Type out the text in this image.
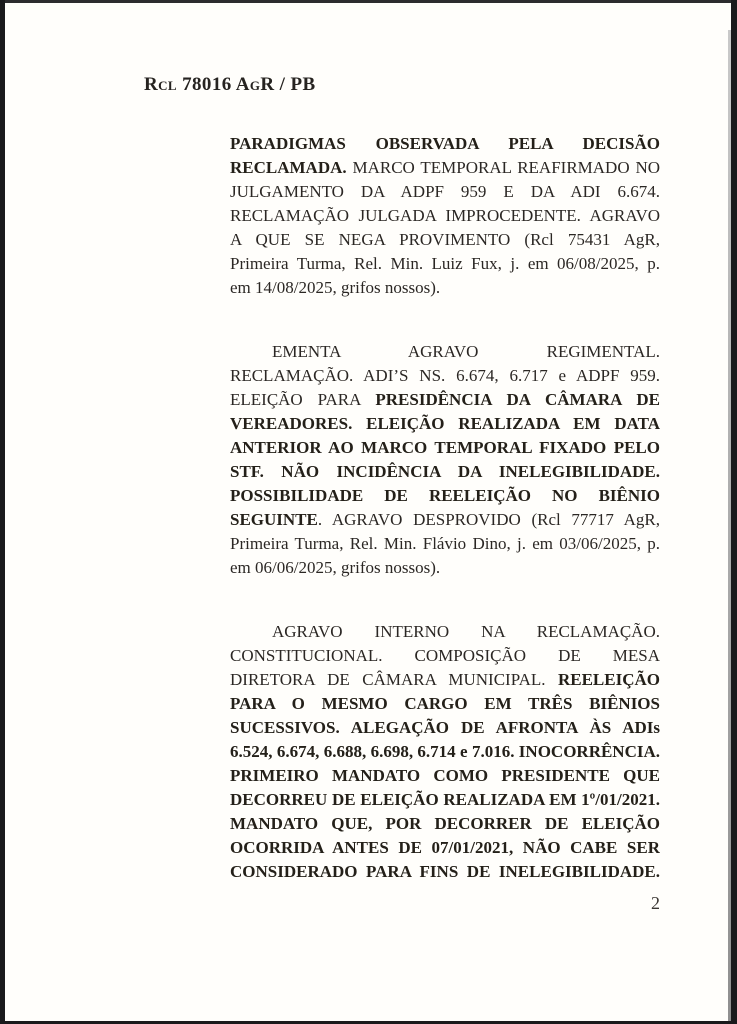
Rcl 78016 AgR / PB
PARADIGMAS OBSERVADA PELA DECISÃO
RECLAMADA. MARCO TEMPORAL REAFIRMADO NO
JULGAMENTO DA ADPF 959 E DA ADI 6.674.
RECLAMAÇÃO JULGADA IMPROCEDENTE. AGRAVO
A QUE SE NEGA PROVIMENTO (Rcl 75431 AgR,
Primeira Turma, Rel. Min. Luiz Fux, j. em 06/08/2025, p.
em 14/08/2025, grifos nossos).
EMENTA AGRAVO REGIMENTAL.
RECLAMAÇÃO. ADI’S NS. 6.674, 6.717 e ADPF 959.
ELEIÇÃO PARA PRESIDÊNCIA DA CÂMARA DE
VEREADORES. ELEIÇÃO REALIZADA EM DATA
ANTERIOR AO MARCO TEMPORAL FIXADO PELO
STF. NÃO INCIDÊNCIA DA INELEGIBILIDADE.
POSSIBILIDADE DE REELEIÇÃO NO BIÊNIO
SEGUINTE. AGRAVO DESPROVIDO (Rcl 77717 AgR,
Primeira Turma, Rel. Min. Flávio Dino, j. em 03/06/2025, p.
em 06/06/2025, grifos nossos).
AGRAVO INTERNO NA RECLAMAÇÃO.
CONSTITUCIONAL. COMPOSIÇÃO DE MESA
DIRETORA DE CÂMARA MUNICIPAL. REELEIÇÃO
PARA O MESMO CARGO EM TRÊS BIÊNIOS
SUCESSIVOS. ALEGAÇÃO DE AFRONTA ÀS ADIs
6.524, 6.674, 6.688, 6.698, 6.714 e 7.016. INOCORRÊNCIA.
PRIMEIRO MANDATO COMO PRESIDENTE QUE
DECORREU DE ELEIÇÃO REALIZADA EM 1º/01/2021.
MANDATO QUE, POR DECORRER DE ELEIÇÃO
OCORRIDA ANTES DE 07/01/2021, NÃO CABE SER
CONSIDERADO PARA FINS DE INELEGIBILIDADE.
2
